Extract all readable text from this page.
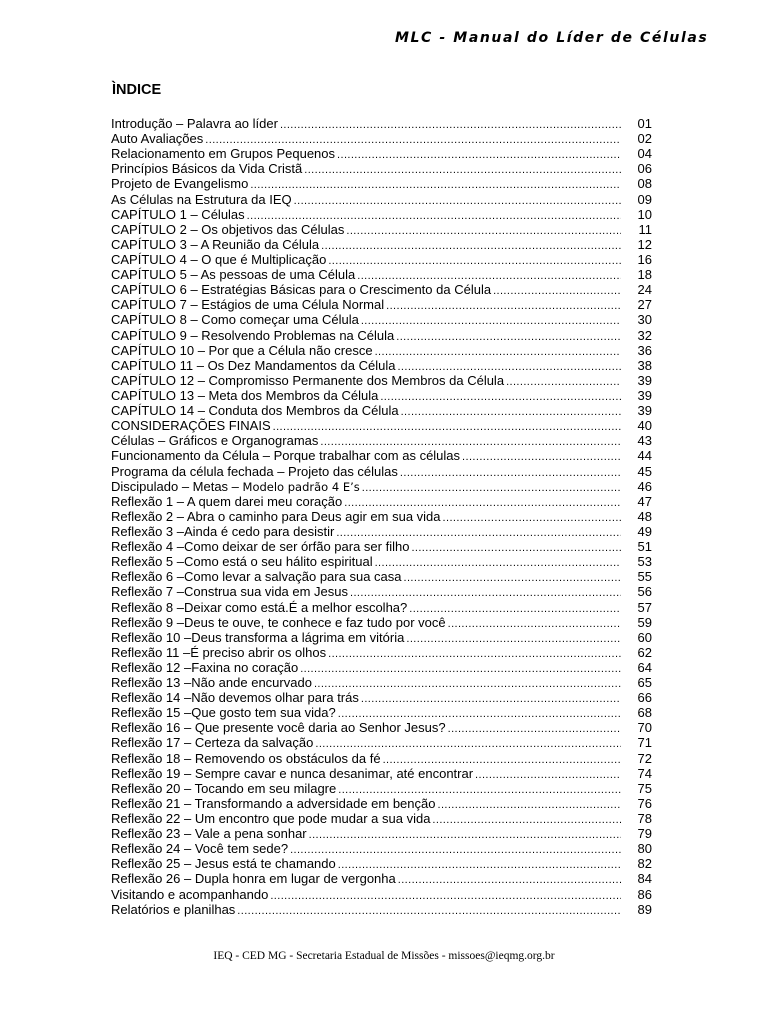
MLC - Manual do Líder de Células
ÌNDICE
Introdução – Palavra ao líder .....	01
Auto Avaliações .....	02
Relacionamento em Grupos Pequenos .....	04
Princípios Básicos da Vida Cristã .....	06
Projeto de Evangelismo .....	08
As Células na Estrutura da IEQ .....	09
CAPÍTULO 1 – Células .....	10
CAPÍTULO 2 – Os objetivos das Células .....	11
CAPÍTULO 3 – A Reunião da Célula .....	12
CAPÍTULO 4 – O que é Multiplicação .....	16
CAPÍTULO 5 – As pessoas de uma Célula .....	18
CAPÍTULO 6 – Estratégias Básicas para o Crescimento da Célula .....	24
CAPÍTULO 7 – Estágios de uma Célula Normal .....	27
CAPÍTULO 8 – Como começar uma Célula .....	30
CAPÍTULO 9 – Resolvendo Problemas na Célula .....	32
CAPÍTULO 10 – Por que a Célula não cresce .....	36
CAPÍTULO 11 – Os Dez Mandamentos da Célula .....	38
CAPÍTULO 12 – Compromisso Permanente dos Membros da Célula .....	39
CAPÍTULO 13 – Meta dos Membros da Célula .....	39
CAPÍTULO 14 – Conduta dos Membros da Célula .....	39
CONSIDERAÇÕES FINAIS .....	40
Células – Gráficos e Organogramas .....	43
Funcionamento da Célula – Porque trabalhar com as células .....	44
Programa da célula fechada – Projeto das células .....	45
Discipulado – Metas – Modelo padrão 4 E’s .....	46
Reflexão 1 – A quem darei meu coração .....	47
Reflexão 2 – Abra o caminho para Deus agir em sua vida .....	48
Reflexão 3 –Ainda é cedo para desistir .....	49
Reflexão 4 –Como deixar de ser órfão para ser filho .....	51
Reflexão 5 –Como está o seu hálito espiritual .....	53
Reflexão 6 –Como levar a salvação para sua casa .....	55
Reflexão 7 –Construa sua vida em Jesus .....	56
Reflexão 8 –Deixar como está.É a melhor escolha? .....	57
Reflexão 9 –Deus te ouve, te conhece e faz tudo por você .....	59
Reflexão 10 –Deus transforma a lágrima em vitória .....	60
Reflexão 11 –É preciso abrir os olhos .....	62
Reflexão 12 –Faxina no coração .....	64
Reflexão 13 –Não ande encurvado .....	65
Reflexão 14 –Não devemos olhar para trás .....	66
Reflexão 15 –Que gosto tem sua vida? .....	68
Reflexão 16 – Que presente você daria ao Senhor Jesus? .....	70
Reflexão 17 – Certeza da salvação .....	71
Reflexão 18 – Removendo os obstáculos da fé .....	72
Reflexão 19 – Sempre cavar e nunca desanimar, até encontrar .....	74
Reflexão 20 – Tocando em seu milagre .....	75
Reflexão 21 – Transformando a adversidade em benção .....	76
Reflexão 22 – Um encontro que pode mudar a sua vida .....	78
Reflexão 23 – Vale a pena sonhar .....	79
Reflexão 24 – Você tem sede? .....	80
Reflexão 25 – Jesus está te chamando .....	82
Reflexão 26 – Dupla honra em lugar de vergonha .....	84
Visitando e acompanhando .....	86
Relatórios e planilhas .....	89
IEQ - CED MG - Secretaria Estadual de Missões - missoes@ieqmg.org.br
